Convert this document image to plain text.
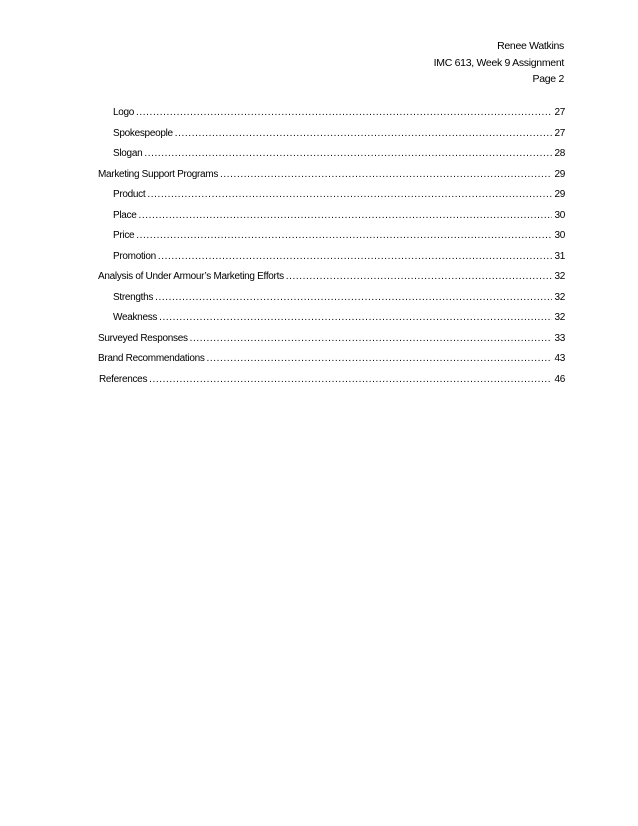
Renee Watkins
IMC 613, Week 9 Assignment
Page 2
Logo .....	27
Spokespeople .....	27
Slogan .....	28
Marketing Support Programs .....	29
Product .....	29
Place .....	30
Price .....	30
Promotion .....	31
Analysis of Under Armour’s Marketing Efforts .....	32
Strengths .....	32
Weakness .....	32
Surveyed Responses .....	33
Brand Recommendations .....	43
References .....	46
